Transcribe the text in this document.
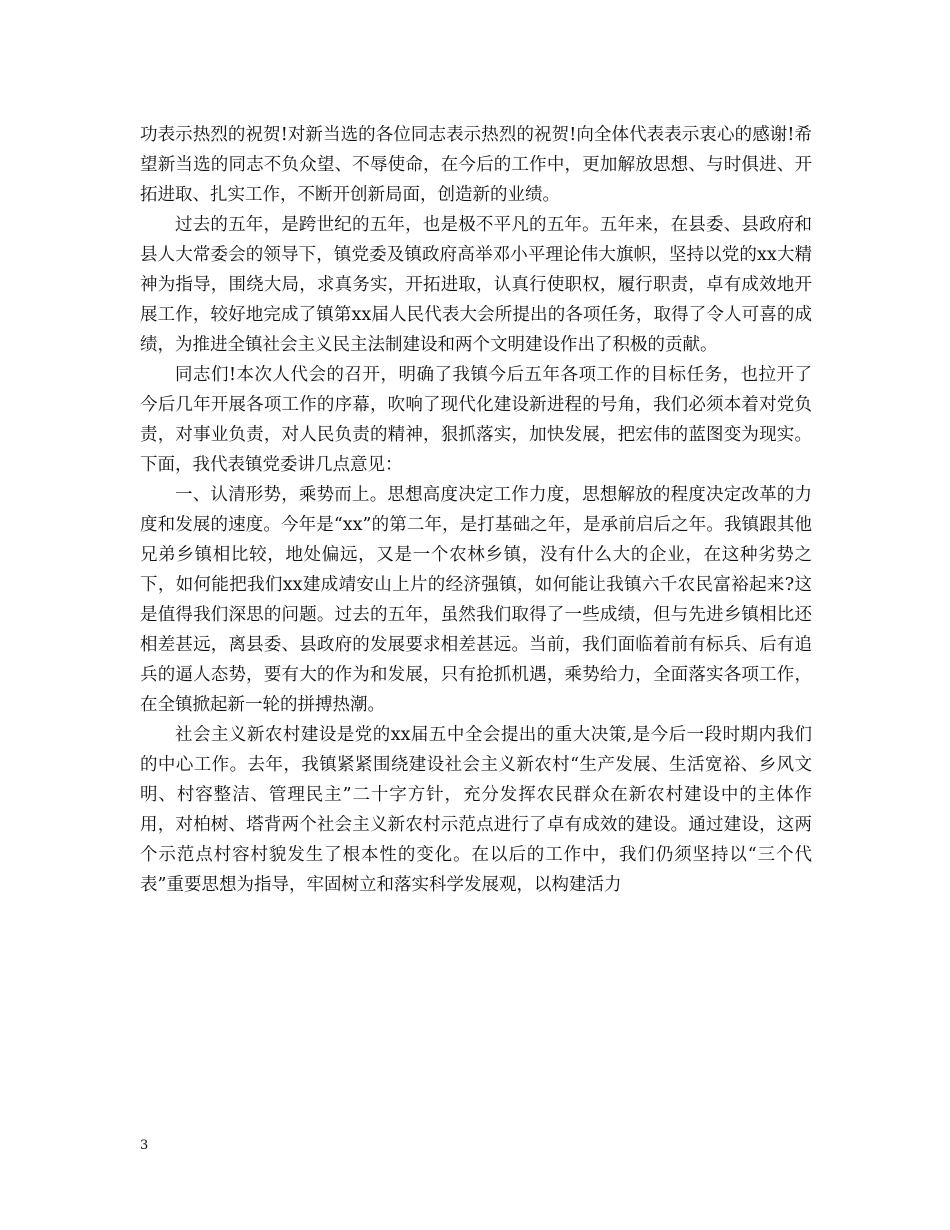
功表示热烈的祝贺!对新当选的各位同志表示热烈的祝贺!向全体代表表示衷心的感谢!希望新当选的同志不负众望、不辱使命，在今后的工作中，更加解放思想、与时俱进、开拓进取、扎实工作，不断开创新局面，创造新的业绩。

过去的五年，是跨世纪的五年，也是极不平凡的五年。五年来，在县委、县政府和县人大常委会的领导下，镇党委及镇政府高举邓小平理论伟大旗帜，坚持以党的xx大精神为指导，围绕大局，求真务实，开拓进取，认真行使职权，履行职责，卓有成效地开展工作，较好地完成了镇第xx届人民代表大会所提出的各项任务，取得了令人可喜的成绩，为推进全镇社会主义民主法制建设和两个文明建设作出了积极的贡献。

同志们!本次人代会的召开，明确了我镇今后五年各项工作的目标任务，也拉开了今后几年开展各项工作的序幕，吹响了现代化建设新进程的号角，我们必须本着对党负责，对事业负责，对人民负责的精神，狠抓落实，加快发展，把宏伟的蓝图变为现实。下面，我代表镇党委讲几点意见：

一、认清形势，乘势而上。思想高度决定工作力度，思想解放的程度决定改革的力度和发展的速度。今年是“xx”的第二年，是打基础之年，是承前启后之年。我镇跟其他兄弟乡镇相比较，地处偏远，又是一个农林乡镇，没有什么大的企业，在这种劣势之下，如何能把我们xx建成靖安山上片的经济强镇，如何能让我镇六千农民富裕起来?这是值得我们深思的问题。过去的五年，虽然我们取得了一些成绩，但与先进乡镇相比还相差甚远，离县委、县政府的发展要求相差甚远。当前，我们面临着前有标兵、后有追兵的逼人态势，要有大的作为和发展，只有抢抓机遇，乘势给力，全面落实各项工作，在全镇掀起新一轮的拼搏热潮。

社会主义新农村建设是党的xx届五中全会提出的重大决策,是今后一段时期内我们的中心工作。去年，我镇紧紧围绕建设社会主义新农村“生产发展、生活宽裕、乡风文明、村容整洁、管理民主”二十字方针，充分发挥农民群众在新农村建设中的主体作用，对柏树、塔背两个社会主义新农村示范点进行了卓有成效的建设。通过建设，这两个示范点村容村貌发生了根本性的变化。在以后的工作中，我们仍须坚持以“三个代表”重要思想为指导，牢固树立和落实科学发展观，以构建活力

3
